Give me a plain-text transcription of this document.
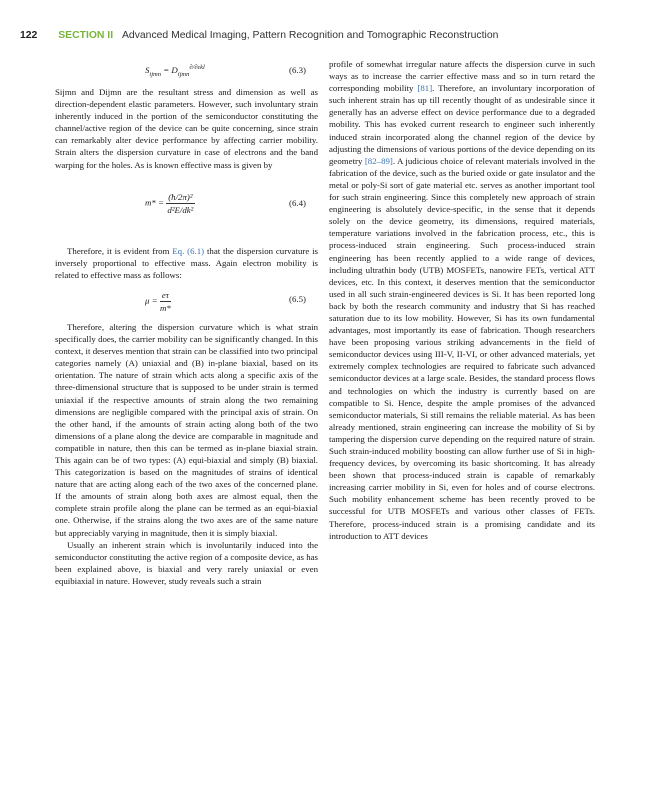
122 SECTION II Advanced Medical Imaging, Pattern Recognition and Tomographic Reconstruction
$S_{ijmn} = D_{ijmn}^{\partial/\partial\varepsilon kl}$	(6.3)

Sijmn and Dijmn are the resultant stress and dimension as well as direction-dependent elastic parameters. However, such involuntary strain inherently induced in the portion of the semiconductor constituting the channel/active region of the device can be quite concerning, since strain can remarkably alter device performance by affecting carrier mobility. Strain alters the dispersion curvature in case of electrons and the band warping for the holes. As is known effective mass is given by

$m* = \frac{\text{(ħ/2π)²}}{\text{d²E/dk²}}$	(6.4)

Therefore, it is evident from Eq. (6.1) that the dispersion curvature is inversely proportional to effective mass. Again electron mobility is related to effective mass as follows:

$\mu = \frac{e\tau}{m*}$	(6.5)

Therefore, altering the dispersion curvature which is what strain specifically does, the carrier mobility can be significantly changed. In this context, it deserves mention that strain can be classified into two principal categories namely (A) uniaxial and (B) in-plane biaxial, based on its orientation. The nature of strain which acts along a specific axis of the three-dimensional structure that is supposed to be under strain is termed uniaxial if the respective amounts of strain along the two remaining dimensions are negligible compared with the principal axis of strain. On the other hand, if the amounts of strain acting along both of the two dimensions of a plane along the device are comparable in magnitude and compatible in nature, then this can be termed as in-plane biaxial strain. This again can be of two types: (A) equi-biaxial and simply (B) biaxial. This categorization is based on the magnitudes of strains of identical nature that are acting along each of the two axes of the concerned plane. If the amounts of strain along both axes are almost equal, then the complete strain profile along the plane can be termed as an equi-biaxial one. Otherwise, if the strains along the two axes are of the same nature but appreciably varying in magnitude, then it is simply biaxial.

Usually an inherent strain which is involuntarily induced into the semiconductor constituting the active region of a composite device, as has been explained above, is biaxial and very rarely uniaxial or even equibiaxial in nature. However, study reveals such a strain

profile of somewhat irregular nature affects the dispersion curve in such ways as to increase the carrier effective mass and so in turn retard the corresponding mobility [81]. Therefore, an involuntary incorporation of such inherent strain has up till recently thought of as undesirable since it generally has an adverse effect on device performance due to a degraded mobility. This has evoked current research to engineer such inherently induced strain incorporated along the channel region of the device by adjusting the dimensions of various portions of the device depending on its geometry [82–89]. A judicious choice of relevant materials involved in the fabrication of the device, such as the buried oxide or gate insulator and the metal or poly-Si sort of gate material etc. serves as another important tool for such strain engineering. Since this completely new approach of strain engineering is absolutely device-specific, in the sense that it depends solely on the device geometry, its dimensions, required materials, temperature variations involved in the fabrication process, etc., this is process-induced strain engineering. Such process-induced strain engineering has been recently applied to a wide range of devices, including ultrathin body (UTB) MOSFETs, nanowire FETs, vertical ATT devices, etc. In this context, it deserves mention that the semiconductor used in all such strain-engineered devices is Si. It has been reported long back by both the research community and industry that Si has reached saturation due to its low mobility. However, Si has its own fundamental advantages, most importantly its ease of fabrication. Though researchers have been proposing various striking advancements in the field of semiconductor devices using III-V, II-VI, or other advanced materials, yet extremely complex technologies are required to fabricate such advanced semiconductor devices at a large scale. Besides, the standard process flows and technologies on which the industry is currently based on are compatible to Si. Hence, despite the ample promises of the advanced semiconductor materials, Si still remains the reliable material. As has been already mentioned, strain engineering can increase the mobility of Si by tampering the dispersion curve depending on the required nature of strain. Such strain-induced mobility boosting can allow further use of Si in high-frequency devices, by overcoming its basic shortcoming. It has already been shown that process-induced strain is capable of remarkably increasing carrier mobility in Si, even for holes and of course electrons. Such mobility enhancement scheme has been recently proved to be successful for UTB MOSFETs and various other classes of FETs. Therefore, process-induced strain is a promising candidate and its introduction to ATT devices
